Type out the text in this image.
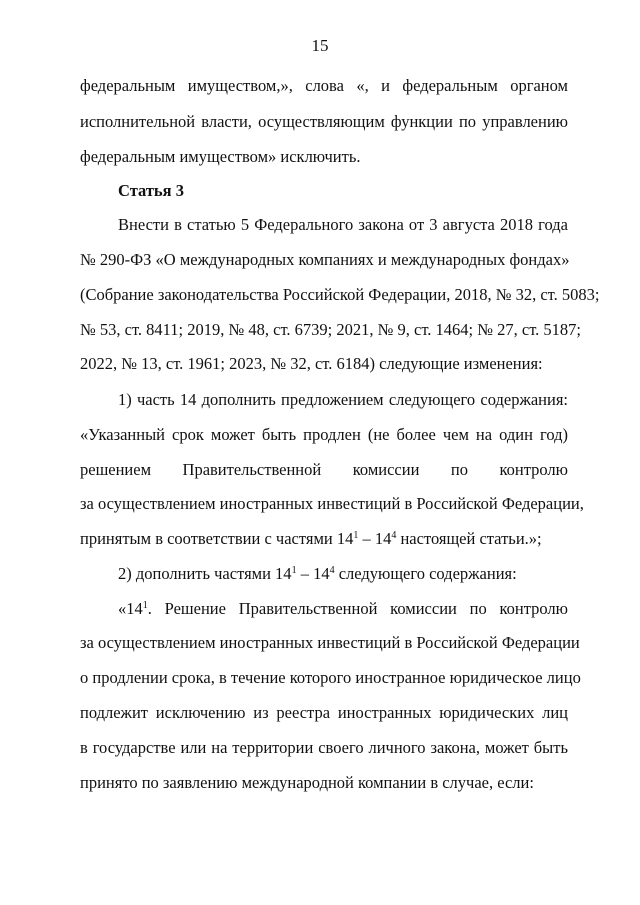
15
федеральным имуществом,», слова «, и федеральным органом
исполнительной власти, осуществляющим функции по управлению
федеральным имуществом» исключить.
Статья 3
Внести в статью 5 Федерального закона от 3 августа 2018 года
№ 290-ФЗ «О международных компаниях и международных фондах»
(Собрание законодательства Российской Федерации, 2018, № 32, ст. 5083;
№ 53, ст. 8411; 2019, № 48, ст. 6739; 2021, № 9, ст. 1464; № 27, ст. 5187;
2022, № 13, ст. 1961; 2023, № 32, ст. 6184) следующие изменения:
1) часть 14 дополнить предложением следующего содержания:
«Указанный срок может быть продлен (не более чем на один год)
решением Правительственной комиссии по контролю
за осуществлением иностранных инвестиций в Российской Федерации,
принятым в соответствии с частями $14^1 - 14^4$ настоящей статьи.»;
2) дополнить частями $14^1 - 14^4$ следующего содержания:
«$14^1$. Решение Правительственной комиссии по контролю
за осуществлением иностранных инвестиций в Российской Федерации
о продлении срока, в течение которого иностранное юридическое лицо
подлежит исключению из реестра иностранных юридических лиц
в государстве или на территории своего личного закона, может быть
принято по заявлению международной компании в случае, если:
